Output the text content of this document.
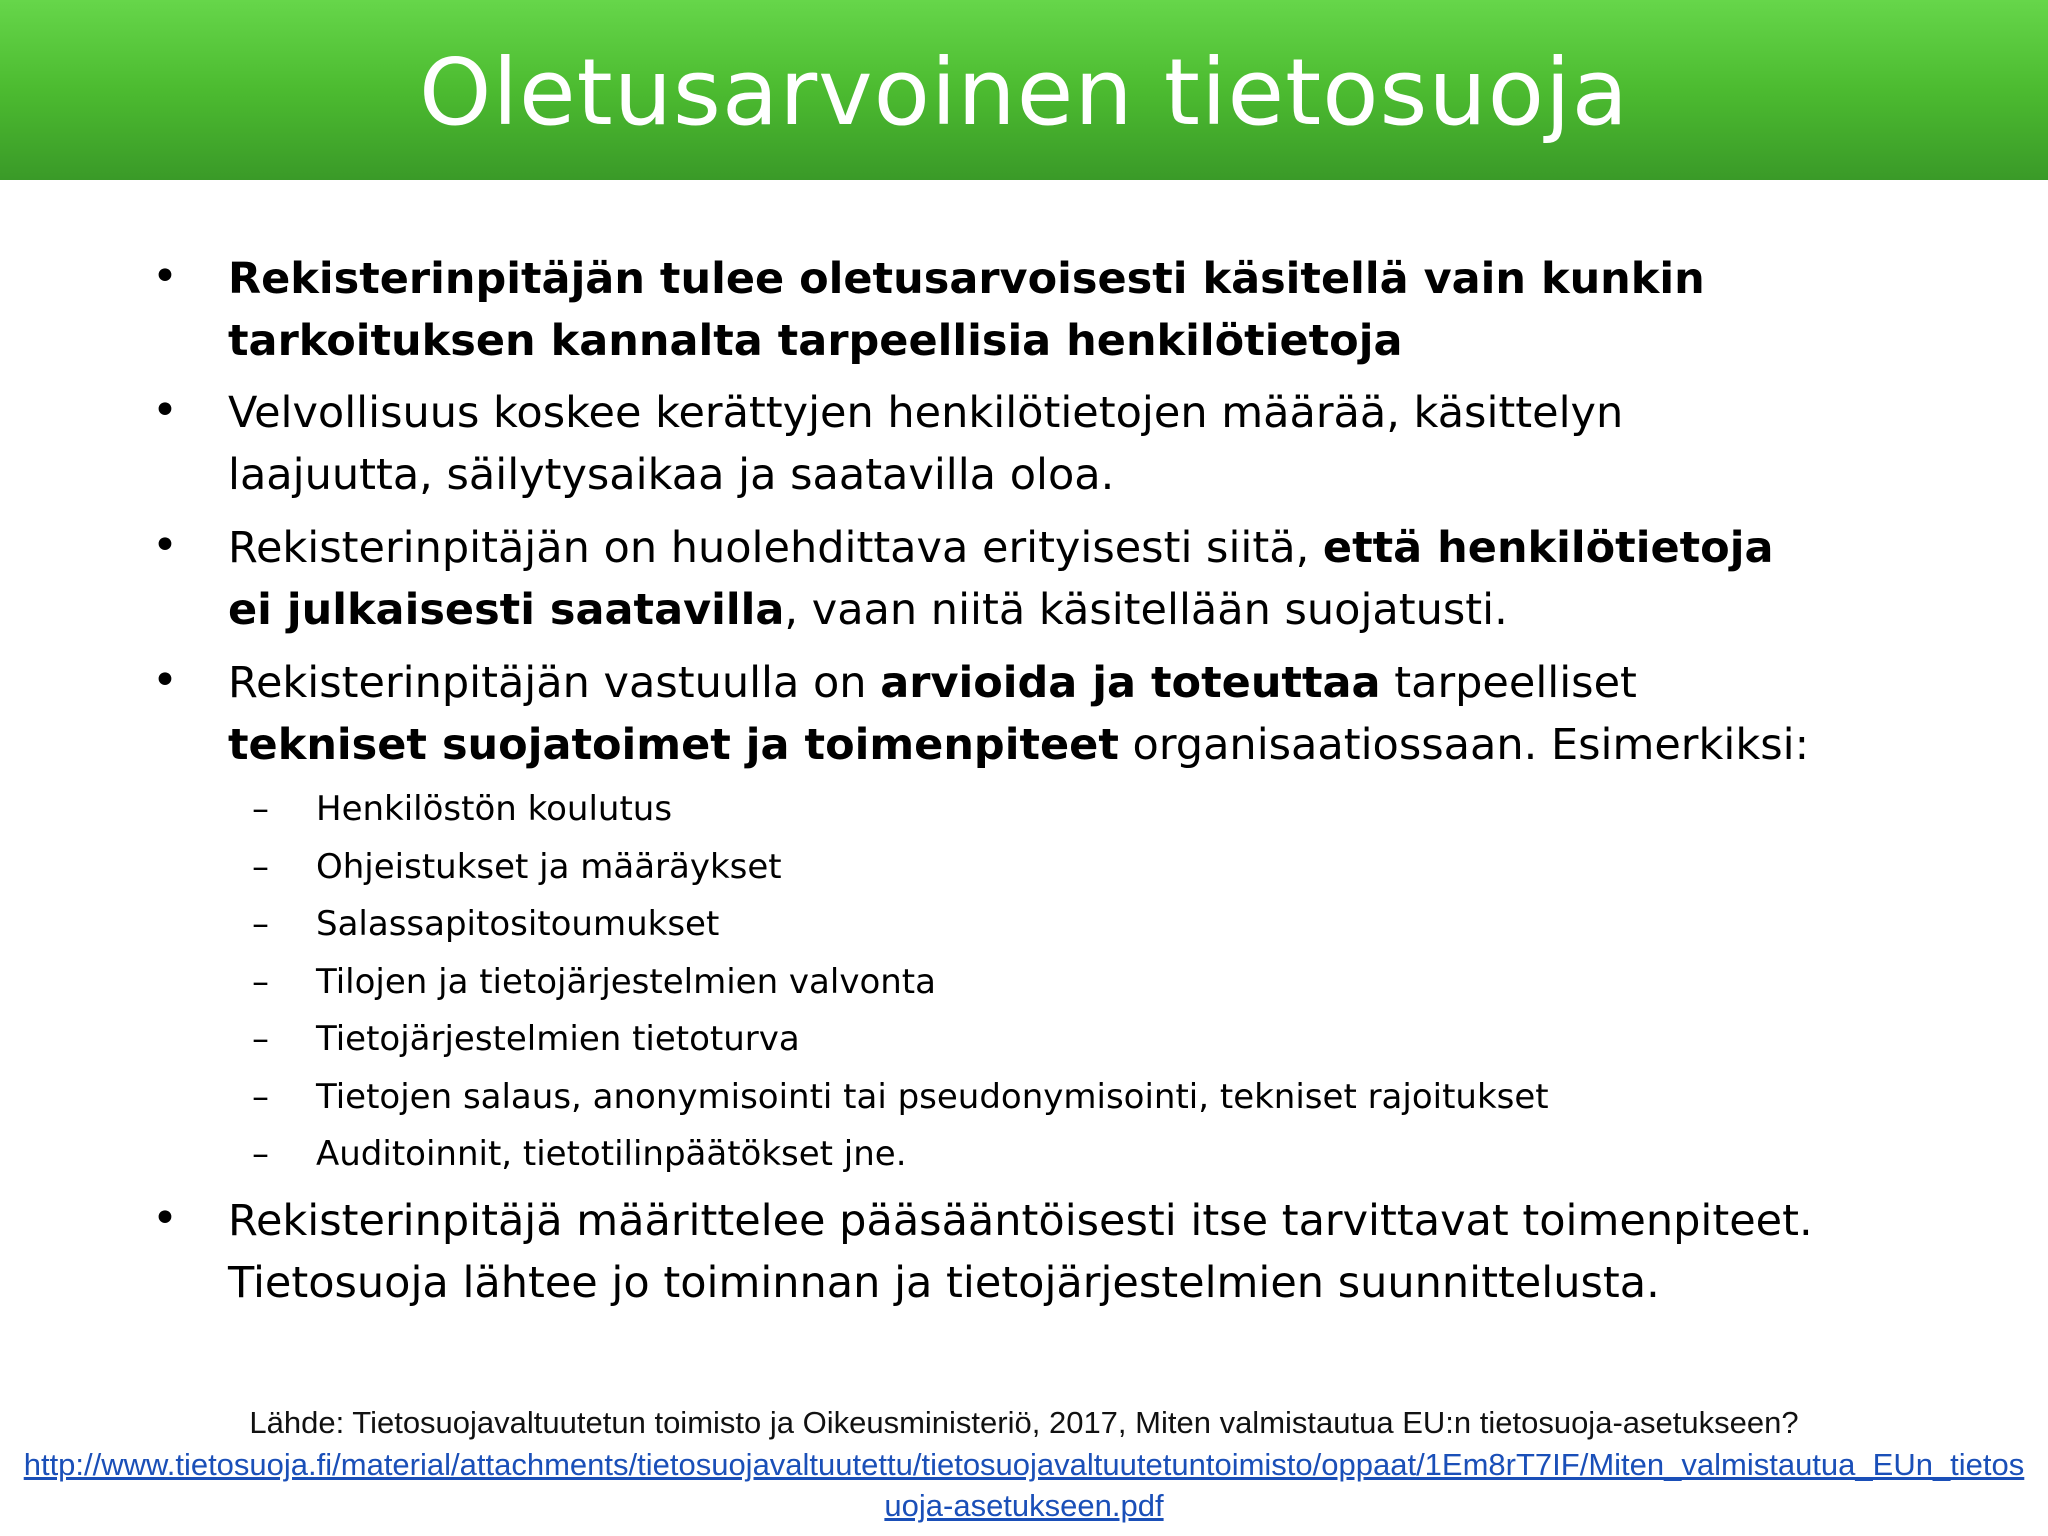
Oletusarvoinen tietosuoja
• Rekisterinpitäjän tulee oletusarvoisesti käsitellä vain kunkin tarkoituksen kannalta tarpeellisia henkilötietoja
• Velvollisuus koskee kerättyjen henkilötietojen määrää, käsittelyn laajuutta, säilytysaikaa ja saatavilla oloa.
• Rekisterinpitäjän on huolehdittava erityisesti siitä, että henkilötietoja ei julkaisesti saatavilla, vaan niitä käsitellään suojatusti.
• Rekisterinpitäjän vastuulla on arvioida ja toteuttaa tarpeelliset tekniset suojatoimet ja toimenpiteet organisaatiossaan. Esimerkiksi:
– Henkilöstön koulutus
– Ohjeistukset ja määräykset
– Salassapitositoumukset
– Tilojen ja tietojärjestelmien valvonta
– Tietojärjestelmien tietoturva
– Tietojen salaus, anonymisointi tai pseudonymisointi, tekniset rajoitukset
– Auditoinnit, tietotilinpäätökset jne.
• Rekisterinpitäjä määrittelee pääsääntöisesti itse tarvittavat toimenpiteet. Tietosuoja lähtee jo toiminnan ja tietojärjestelmien suunnittelusta.
Lähde: Tietosuojavaltuutetun toimisto ja Oikeusministeriö, 2017, Miten valmistautua EU:n tietosuoja-asetukseen?
http://www.tietosuoja.fi/material/attachments/tietosuojavaltuutettu/tietosuojavaltuutetuntoimisto/oppaat/1Em8rT7IF/Miten_valmistautua_EUn_tietosuoja-asetukseen.pdf
